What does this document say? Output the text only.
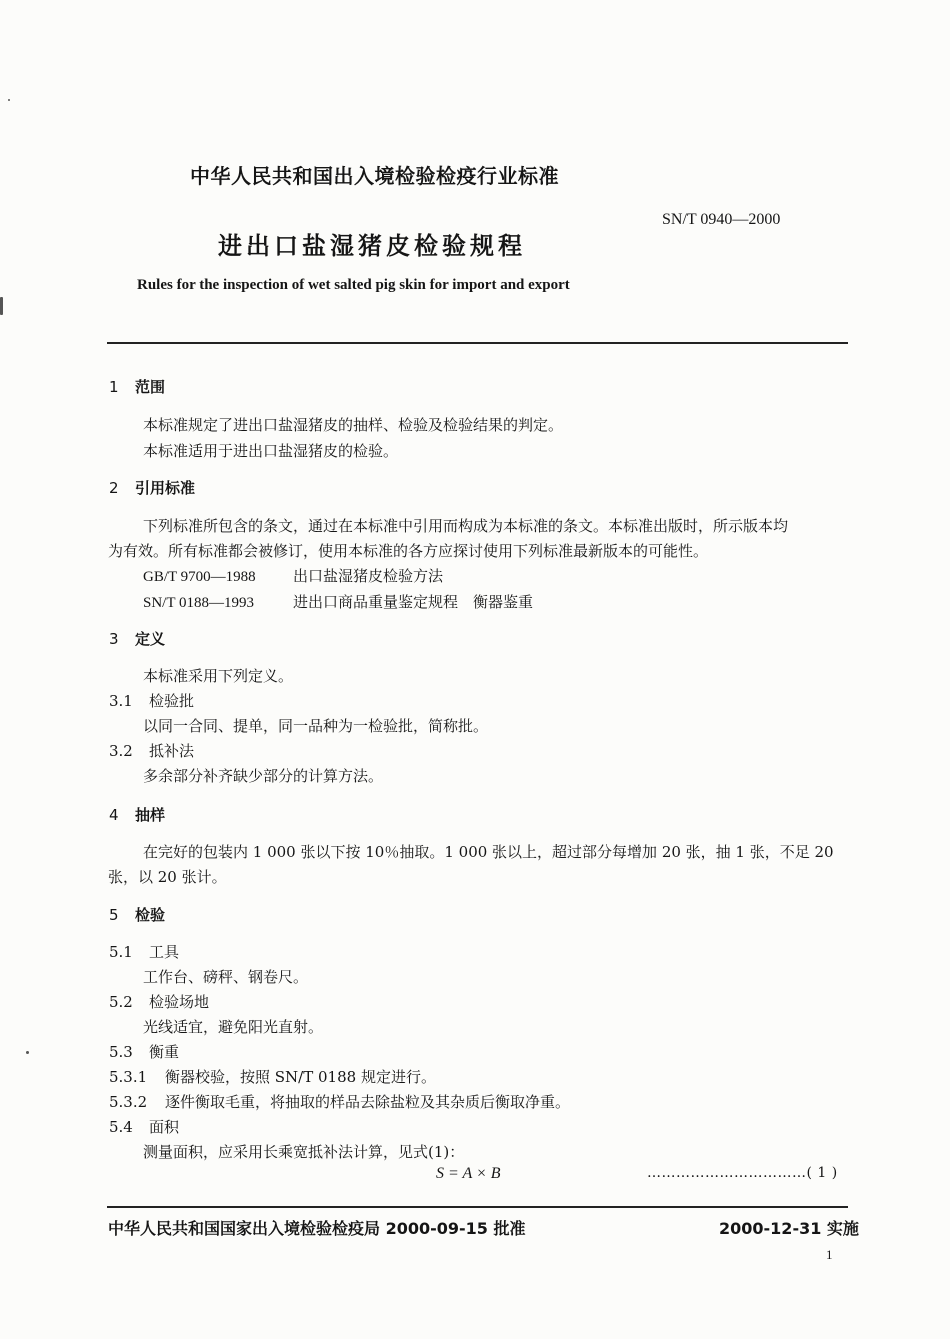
中华人民共和国出入境检验检疫行业标准
SN/T 0940—2000
进出口盐湿猪皮检验规程
Rules for the inspection of wet salted pig skin for import and export
1 范围
本标准规定了进出口盐湿猪皮的抽样、检验及检验结果的判定。
本标准适用于进出口盐湿猪皮的检验。
2 引用标准
下列标准所包含的条文，通过在本标准中引用而构成为本标准的条文。本标准出版时，所示版本均
为有效。所有标准都会被修订，使用本标准的各方应探讨使用下列标准最新版本的可能性。
GB/T 9700—1988 出口盐湿猪皮检验方法
SN/T 0188—1993	进出口商品重量鉴定规程　衡器鉴重
3 定义
本标准采用下列定义。
3.1 检验批
以同一合同、提单，同一品种为一检验批，简称批。
3.2 抵补法
多余部分补齐缺少部分的计算方法。
4 抽样
在完好的包装内 1 000 张以下按 10％抽取。1 000 张以上，超过部分每增加 20 张，抽 1 张，不足 20
张，以 20 张计。
5 检验
5.1 工具
工作台、磅秤、钢卷尺。
5.2 检验场地
光线适宜，避免阳光直射。
5.3 衡重
5.3.1 衡器校验，按照 SN/T 0188 规定进行。
5.3.2 逐件衡取毛重，将抽取的样品去除盐粒及其杂质后衡取净重。
5.4 面积
测量面积，应采用长乘宽抵补法计算，见式(1)：
S = A × B	……………………………( 1 )
中华人民共和国国家出入境检验检疫局 2000-09-15 批准	2000-12-31 实施
1
